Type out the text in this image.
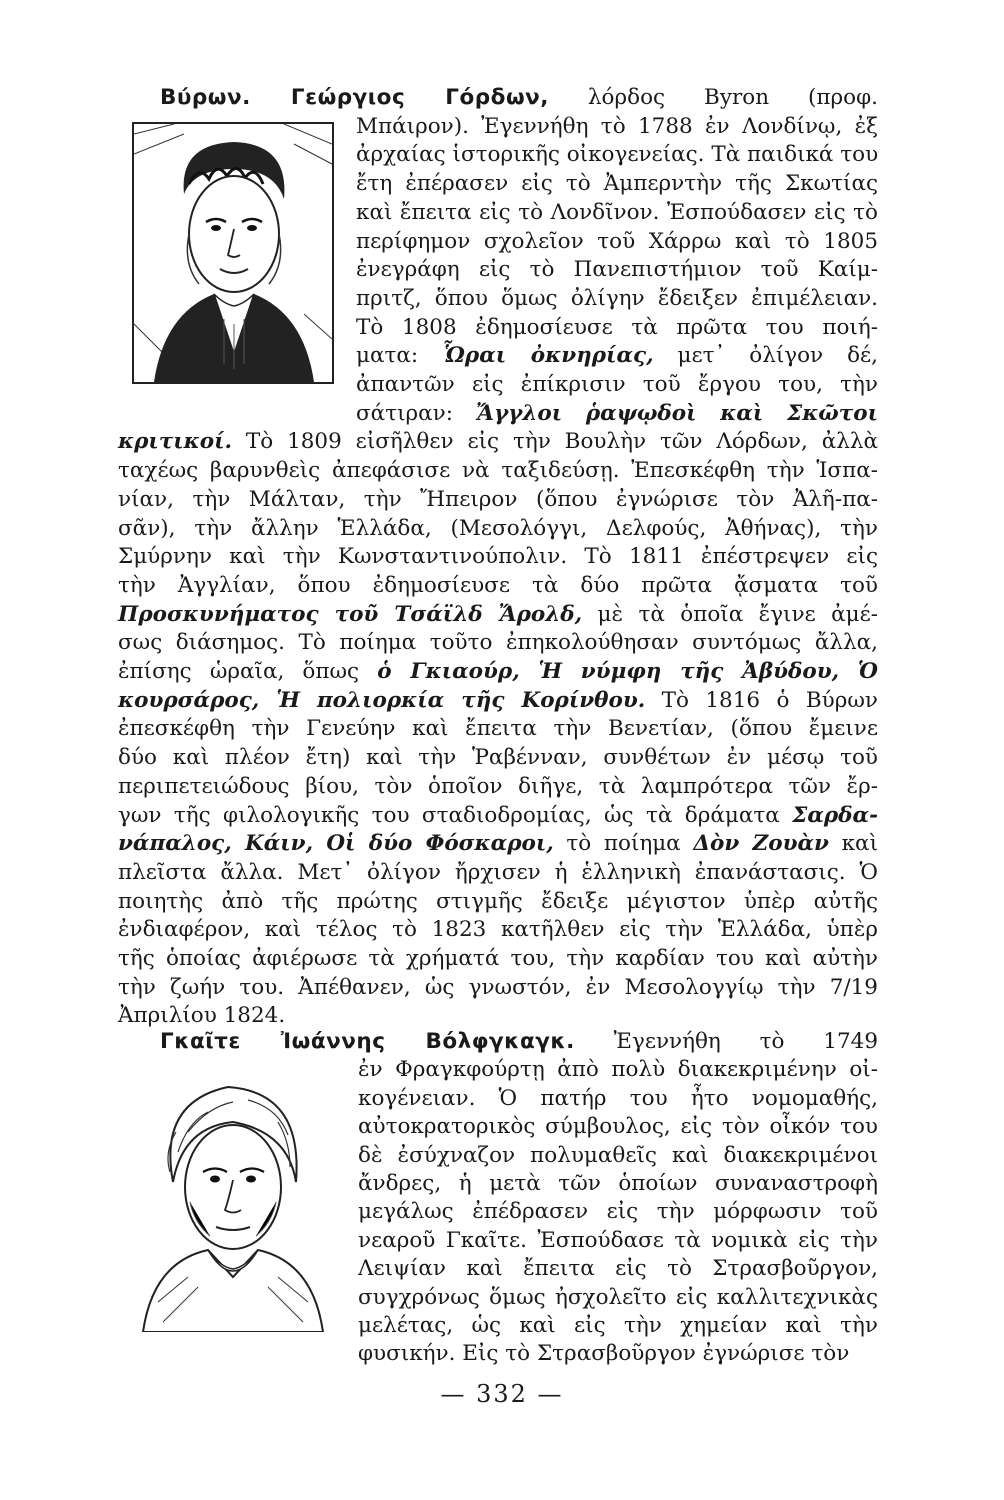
Βύρων. Γεώργιος Γόρδων, λόρδος Byron (προφ.
Μπάιρον). Ἐγεννήθη τὸ 1788 ἐν Λονδίνῳ, ἐξ
ἀρχαίας ἱστορικῆς οἰκογενείας. Τὰ παιδικά του
ἔτη ἐπέρασεν εἰς τὸ Ἀμπερντὴν τῆς Σκωτίας
καὶ ἔπειτα εἰς τὸ Λονδῖνον. Ἐσπούδασεν εἰς τὸ
περίφημον σχολεῖον τοῦ Χάρρω καὶ τὸ 1805
ἐνεγράφη εἰς τὸ Πανεπιστήμιον τοῦ Καίμ-
πριτζ, ὅπου ὅμως ὀλίγην ἔδειξεν ἐπιμέλειαν.
Τὸ 1808 ἐδημοσίευσε τὰ πρῶτα του ποιή-
ματα: Ὧραι ὀκνηρίας, μετ᾿ ὀλίγον δέ,
ἀπαντῶν εἰς ἐπίκρισιν τοῦ ἔργου του, τὴν
σάτιραν: Ἄγγλοι ῥαψῳδοὶ καὶ Σκῶτοι
κριτικοί. Τὸ 1809 εἰσῆλθεν εἰς τὴν Βουλὴν τῶν Λόρδων, ἀλλὰ
ταχέως βαρυνθεὶς ἀπεφάσισε νὰ ταξιδεύσῃ. Ἐπεσκέφθη τὴν Ἱσπα-
νίαν, τὴν Μάλταν, τὴν Ἤπειρον (ὅπου ἐγνώρισε τὸν Ἀλῆ-πα-
σᾶν), τὴν ἄλλην Ἑλλάδα, (Μεσολόγγι, Δελφούς, Ἀθήνας), τὴν
Σμύρνην καὶ τὴν Κωνσταντινούπολιν. Τὸ 1811 ἐπέστρεψεν εἰς
τὴν Ἀγγλίαν, ὅπου ἐδημοσίευσε τὰ δύο πρῶτα ᾄσματα τοῦ
Προσκυνήματος τοῦ Τσάϊλδ Ἄρολδ, μὲ τὰ ὁποῖα ἔγινε ἀμέ-
σως διάσημος. Τὸ ποίημα τοῦτο ἐπηκολούθησαν συντόμως ἄλλα,
ἐπίσης ὡραῖα, ὅπως ὁ Γκιαούρ, Ἡ νύμφη τῆς Ἀβύδου, Ὁ
κουρσάρος, Ἡ πολιορκία τῆς Κορίνθου. Τὸ 1816 ὁ Βύρων
ἐπεσκέφθη τὴν Γενεύην καὶ ἔπειτα τὴν Βενετίαν, (ὅπου ἔμεινε
δύο καὶ πλέον ἔτη) καὶ τὴν Ῥαβένναν, συνθέτων ἐν μέσῳ τοῦ
περιπετειώδους βίου, τὸν ὁποῖον διῆγε, τὰ λαμπρότερα τῶν ἔρ-
γων τῆς φιλολογικῆς του σταδιοδρομίας, ὡς τὰ δράματα Σαρδα-
νάπαλος, Κάιν, Οἱ δύο Φόσκαροι, τὸ ποίημα Δὸν Ζουὰν καὶ
πλεῖστα ἄλλα. Μετ᾿ ὀλίγον ἤρχισεν ἡ ἑλληνικὴ ἐπανάστασις. Ὁ
ποιητὴς ἀπὸ τῆς πρώτης στιγμῆς ἔδειξε μέγιστον ὑπὲρ αὐτῆς
ἐνδιαφέρον, καὶ τέλος τὸ 1823 κατῆλθεν εἰς τὴν Ἑλλάδα, ὑπὲρ
τῆς ὁποίας ἀφιέρωσε τὰ χρήματά του, τὴν καρδίαν του καὶ αὐτὴν
τὴν ζωήν του. Ἀπέθανεν, ὡς γνωστόν, ἐν Μεσολογγίῳ τὴν 7/19
Ἀπριλίου 1824.
Γκαῖτε Ἰωάννης Βόλφγκαγκ. Ἐγεννήθη τὸ 1749
ἐν Φραγκφούρτῃ ἀπὸ πολὺ διακεκριμένην οἰ-
κογένειαν. Ὁ πατήρ του ἦτο νομομαθής,
αὐτοκρατορικὸς σύμβουλος, εἰς τὸν οἶκόν του
δὲ ἐσύχναζον πολυμαθεῖς καὶ διακεκριμένοι
ἄνδρες, ἡ μετὰ τῶν ὁποίων συναναστροφὴ
μεγάλως ἐπέδρασεν εἰς τὴν μόρφωσιν τοῦ
νεαροῦ Γκαῖτε. Ἐσπούδασε τὰ νομικὰ εἰς τὴν
Λειψίαν καὶ ἔπειτα εἰς τὸ Στρασβοῦργον,
συγχρόνως ὅμως ἠσχολεῖτο εἰς καλλιτεχνικὰς
μελέτας, ὡς καὶ εἰς τὴν χημείαν καὶ τὴν
φυσικήν. Εἰς τὸ Στρασβοῦργον ἐγνώρισε τὸν
— 332 —
